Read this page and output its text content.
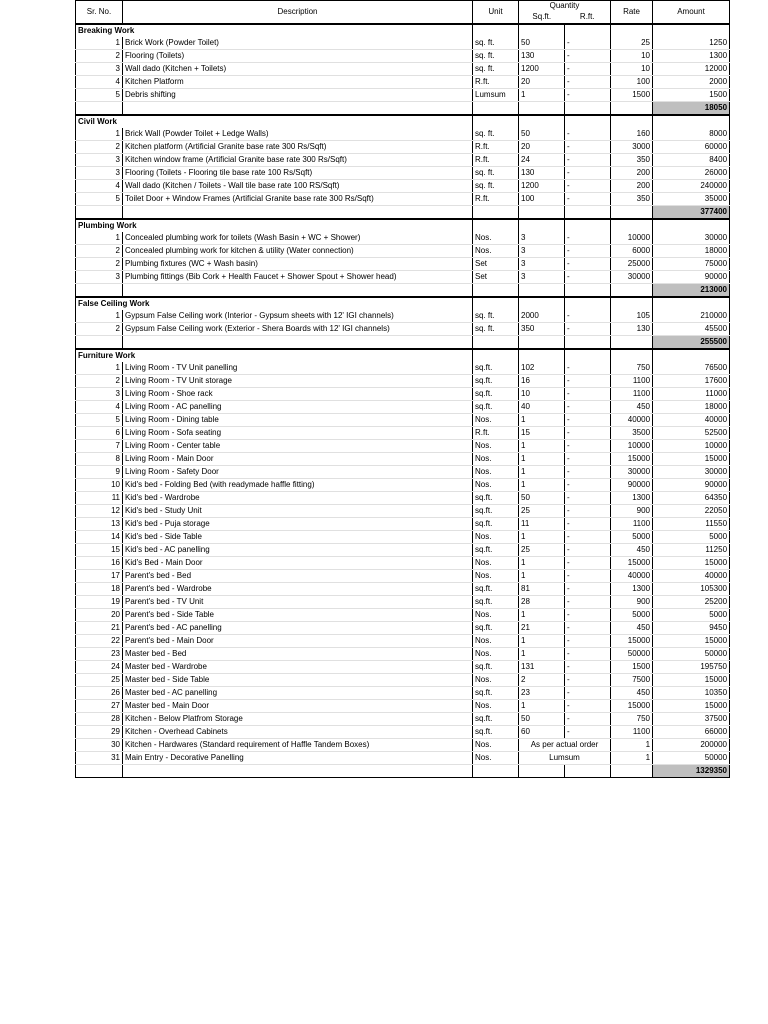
Sr. No.	Description	Unit	Quantity		Rate	Amount
			Sq.ft.	R.ft.		
Breaking Work						
1	Brick Work (Powder Toilet)	sq. ft.	50	-	25	1250
2	Flooring (Toilets)	sq. ft.	130	-	10	1300
3	Wall dado (Kitchen + Toilets)	sq. ft.	1200	-	10	12000
4	Kitchen Platform	R.ft.	20	-	100	2000
5	Debris shifting	Lumsum	1	-	1500	1500
						18050
Civil Work						
1	Brick Wall (Powder Toilet + Ledge Walls)	sq. ft.	50	-	160	8000
2	Kitchen platform (Artificial Granite base rate 300 Rs/Sqft)	R.ft.	20	-	3000	60000
3	Kitchen window frame (Artificial Granite base rate 300 Rs/Sqft)	R.ft.	24	-	350	8400
3	Flooring (Toilets - Flooring tile base rate 100 Rs/Sqft)	sq. ft.	130	-	200	26000
4	Wall dado (Kitchen / Toilets - Wall tile base rate 100 RS/Sqft)	sq. ft.	1200	-	200	240000
5	Toilet Door + Window Frames (Artificial Granite base rate 300 Rs/Sqft)	R.ft.	100	-	350	35000
						377400
Plumbing Work						
1	Concealed plumbing work for toilets (Wash Basin + WC + Shower)	Nos.	3	-	10000	30000
2	Concealed plumbing work for kitchen & utility (Water connection)	Nos.	3	-	6000	18000
2	Plumbing fixtures (WC + Wash basin)	Set	3	-	25000	75000
3	Plumbing fittings (Bib Cork + Health Faucet + Shower Spout + Shower head)	Set	3	-	30000	90000
						213000
False Ceiling Work						
1	Gypsum False Ceiling work (Interior - Gypsum sheets with 12' IGI channels)	sq. ft.	2000	-	105	210000
2	Gypsum False Ceiling work (Exterior - Shera Boards with 12' IGI channels)	sq. ft.	350	-	130	45500
						255500
Furniture Work						
1	Living Room - TV Unit panelling	sq.ft.	102	-	750	76500
2	Living Room - TV Unit storage	sq.ft.	16	-	1100	17600
3	Living Room - Shoe rack	sq.ft.	10	-	1100	11000
4	Living Room - AC panelling	sq.ft.	40	-	450	18000
5	Living Room - Dining table	Nos.	1	-	40000	40000
6	Living Room - Sofa seating	R.ft.	15	-	3500	52500
7	Living Room - Center table	Nos.	1	-	10000	10000
8	Living Room - Main Door	Nos.	1	-	15000	15000
9	Living Room - Safety Door	Nos.	1	-	30000	30000
10	Kid's bed - Folding Bed (with readymade haffle fitting)	Nos.	1	-	90000	90000
11	Kid's bed - Wardrobe	sq.ft.	50	-	1300	64350
12	Kid's bed - Study Unit	sq.ft.	25	-	900	22050
13	Kid's bed - Puja storage	sq.ft.	11	-	1100	11550
14	Kid's bed - Side Table	Nos.	1	-	5000	5000
15	Kid's bed - AC panelling	sq.ft.	25	-	450	11250
16	Kid's Bed - Main Door	Nos.	1	-	15000	15000
17	Parent's bed - Bed	Nos.	1	-	40000	40000
18	Parent's bed - Wardrobe	sq.ft.	81	-	1300	105300
19	Parent's bed - TV Unit	sq.ft.	28	-	900	25200
20	Parent's bed - Side Table	Nos.	1	-	5000	5000
21	Parent's bed - AC panelling	sq.ft.	21	-	450	9450
22	Parent's bed - Main Door	Nos.	1	-	15000	15000
23	Master bed - Bed	Nos.	1	-	50000	50000
24	Master bed - Wardrobe	sq.ft.	131	-	1500	195750
25	Master bed - Side Table	Nos.	2	-	7500	15000
26	Master bed - AC panelling	sq.ft.	23	-	450	10350
27	Master bed - Main Door	Nos.	1	-	15000	15000
28	Kitchen - Below Platfrom Storage	sq.ft.	50	-	750	37500
29	Kitchen - Overhead Cabinets	sq.ft.	60	-	1100	66000
30	Kitchen - Hardwares (Standard requirement of Haffle Tandem Boxes)	Nos.	As per actual order		1	200000
31	Main Entry - Decorative Panelling	Nos.	Lumsum		1	50000
						1329350
